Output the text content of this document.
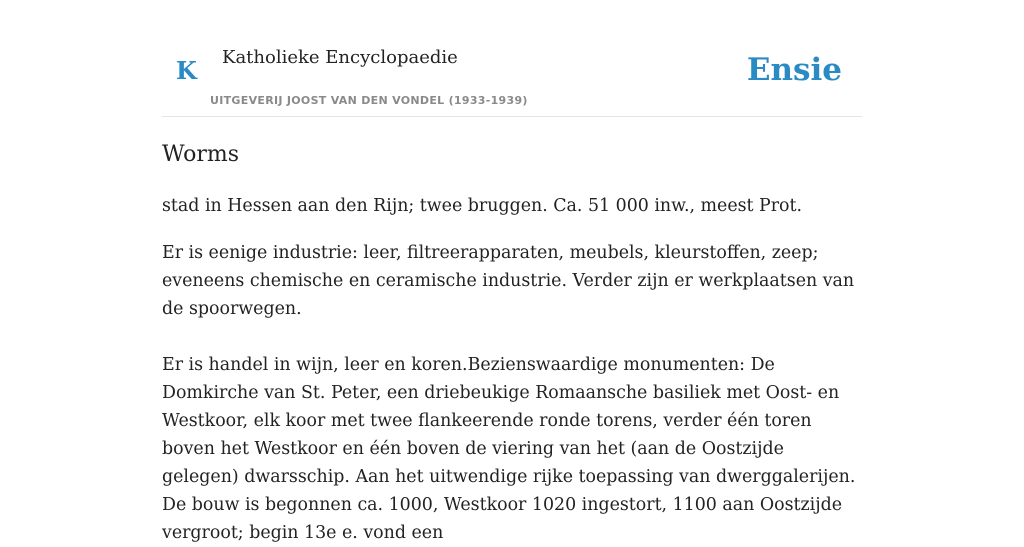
K Katholieke Encyclopaedie
UITGEVERIJ JOOST VAN DEN VONDEL (1933-1939)
Ensie
Worms

stad in Hessen aan den Rijn; twee bruggen. Ca. 51 000 inw., meest Prot.

Er is eenige industrie: leer, filtreerapparaten, meubels, kleurstoffen, zeep; eveneens chemische en ceramische industrie. Verder zijn er werkplaatsen van de spoorwegen.

Er is handel in wijn, leer en koren.Bezienswaardige monumenten: De Domkirche van St. Peter, een driebeukige Romaansche basiliek met Oost- en Westkoor, elk koor met twee flankeerende ronde torens, verder één toren boven het Westkoor en één boven de viering van het (aan de Oostzijde gelegen) dwarsschip. Aan het uitwendige rijke toepassing van dwerggalerijen. De bouw is begonnen ca. 1000, Westkoor 1020 ingestort, 1100 aan Oostzijde vergroot; begin 13e e. vond een
